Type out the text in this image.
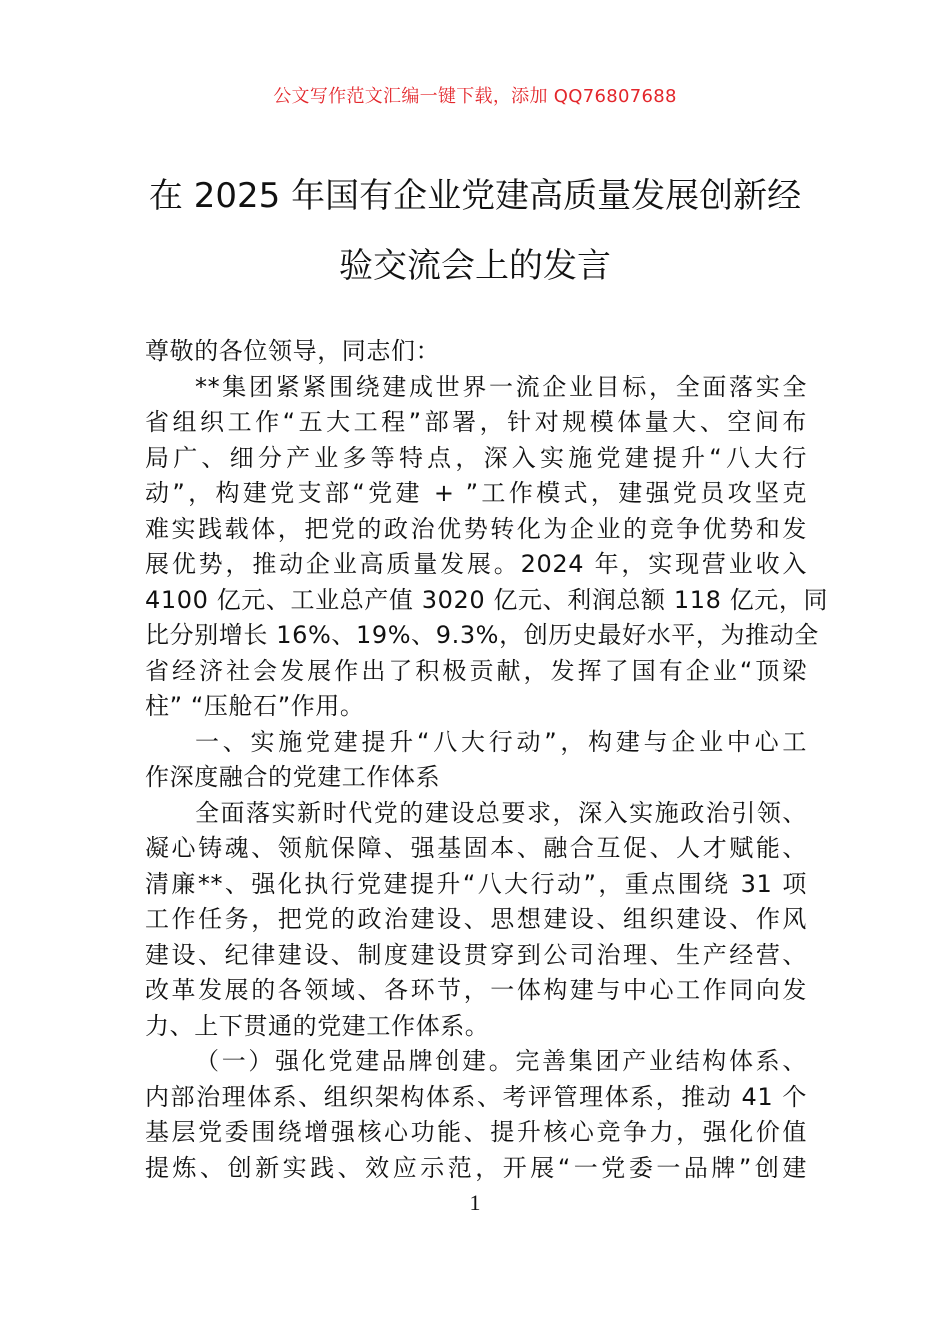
公文写作范文汇编一键下载，添加 QQ76807688
在 2025 年国有企业党建高质量发展创新经
验交流会上的发言
尊敬的各位领导，同志们：
**集团紧紧围绕建成世界一流企业目标，全面落实全
省组织工作“五大工程”部署，针对规模体量大、空间布
局广、细分产业多等特点，深入实施党建提升“八大行
动”，构建党支部“党建 + ”工作模式，建强党员攻坚克
难实践载体，把党的政治优势转化为企业的竞争优势和发
展优势，推动企业高质量发展。2024 年，实现营业收入
4100 亿元、工业总产值 3020 亿元、利润总额 118 亿元，同
比分别增长 16%、19%、9.3%，创历史最好水平，为推动全
省经济社会发展作出了积极贡献，发挥了国有企业“顶梁
柱” “压舱石”作用。
一、实施党建提升“八大行动”，构建与企业中心工
作深度融合的党建工作体系
全面落实新时代党的建设总要求，深入实施政治引领、
凝心铸魂、领航保障、强基固本、融合互促、人才赋能、
清廉**、强化执行党建提升“八大行动”，重点围绕 31 项
工作任务，把党的政治建设、思想建设、组织建设、作风
建设、纪律建设、制度建设贯穿到公司治理、生产经营、
改革发展的各领域、各环节，一体构建与中心工作同向发
力、上下贯通的党建工作体系。
（一）强化党建品牌创建。完善集团产业结构体系、
内部治理体系、组织架构体系、考评管理体系，推动 41 个
基层党委围绕增强核心功能、提升核心竞争力，强化价值
提炼、创新实践、效应示范，开展“一党委一品牌”创建
1
